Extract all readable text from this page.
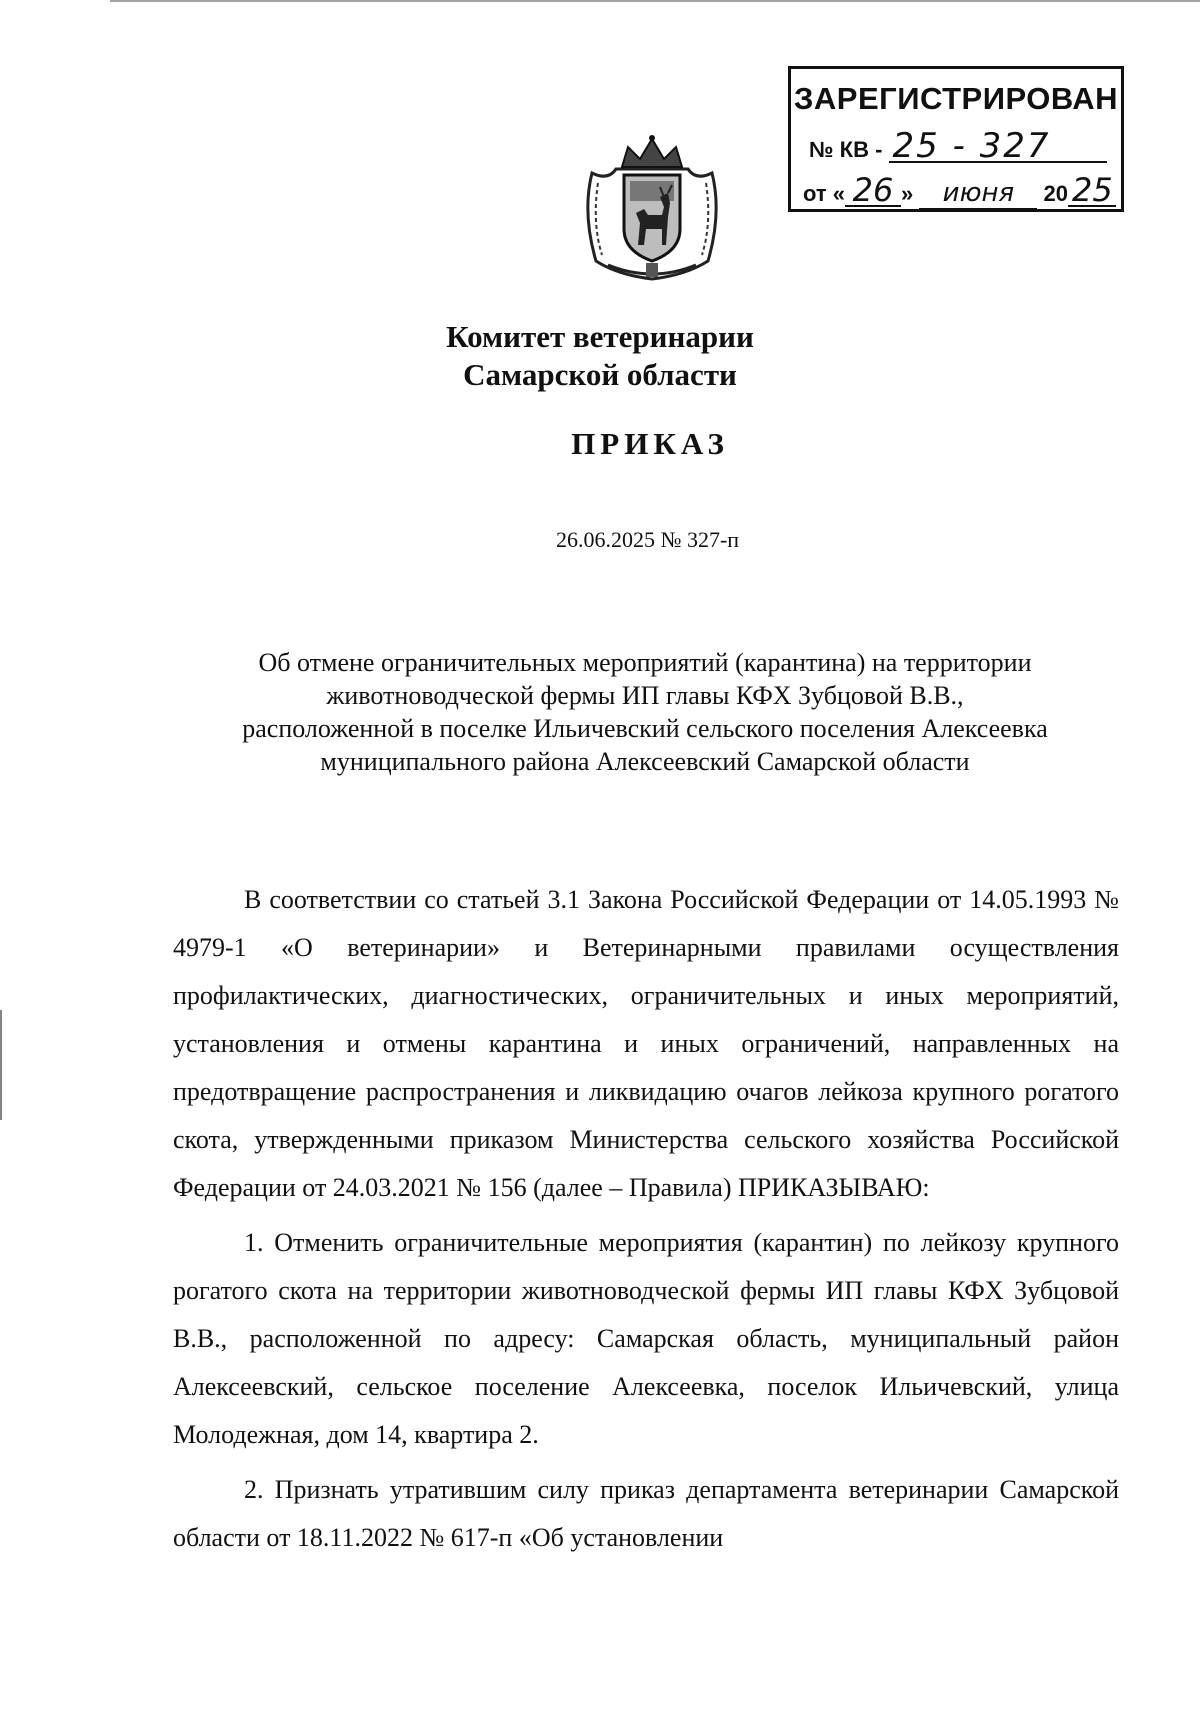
ЗАРЕГИСТРИРОВАН
№ КВ - 25 - 327
от « 26 » июня 20 25
Комитет ветеринарии
Самарской области
ПРИКАЗ
26.06.2025 № 327-п
Об отмене ограничительных мероприятий (карантина) на территории
животноводческой фермы ИП главы КФХ Зубцовой В.В.,
расположенной в поселке Ильичевский сельского поселения Алексеевка
муниципального района Алексеевский Самарской области

В соответствии со статьей 3.1 Закона Российской Федерации от 14.05.1993 № 4979-1 «О ветеринарии» и Ветеринарными правилами осуществления профилактических, диагностических, ограничительных и иных мероприятий, установления и отмены карантина и иных ограничений, направленных на предотвращение распространения и ликвидацию очагов лейкоза крупного рогатого скота, утвержденными приказом Министерства сельского хозяйства Российской Федерации от 24.03.2021 № 156 (далее – Правила) ПРИКАЗЫВАЮ:

1. Отменить ограничительные мероприятия (карантин) по лейкозу крупного рогатого скота на территории животноводческой фермы ИП главы КФХ Зубцовой В.В., расположенной по адресу: Самарская область, муниципальный район Алексеевский, сельское поселение Алексеевка, поселок Ильичевский, улица Молодежная, дом 14, квартира 2.

2. Признать утратившим силу приказ департамента ветеринарии Самарской области от 18.11.2022 № 617-п «Об установлении
